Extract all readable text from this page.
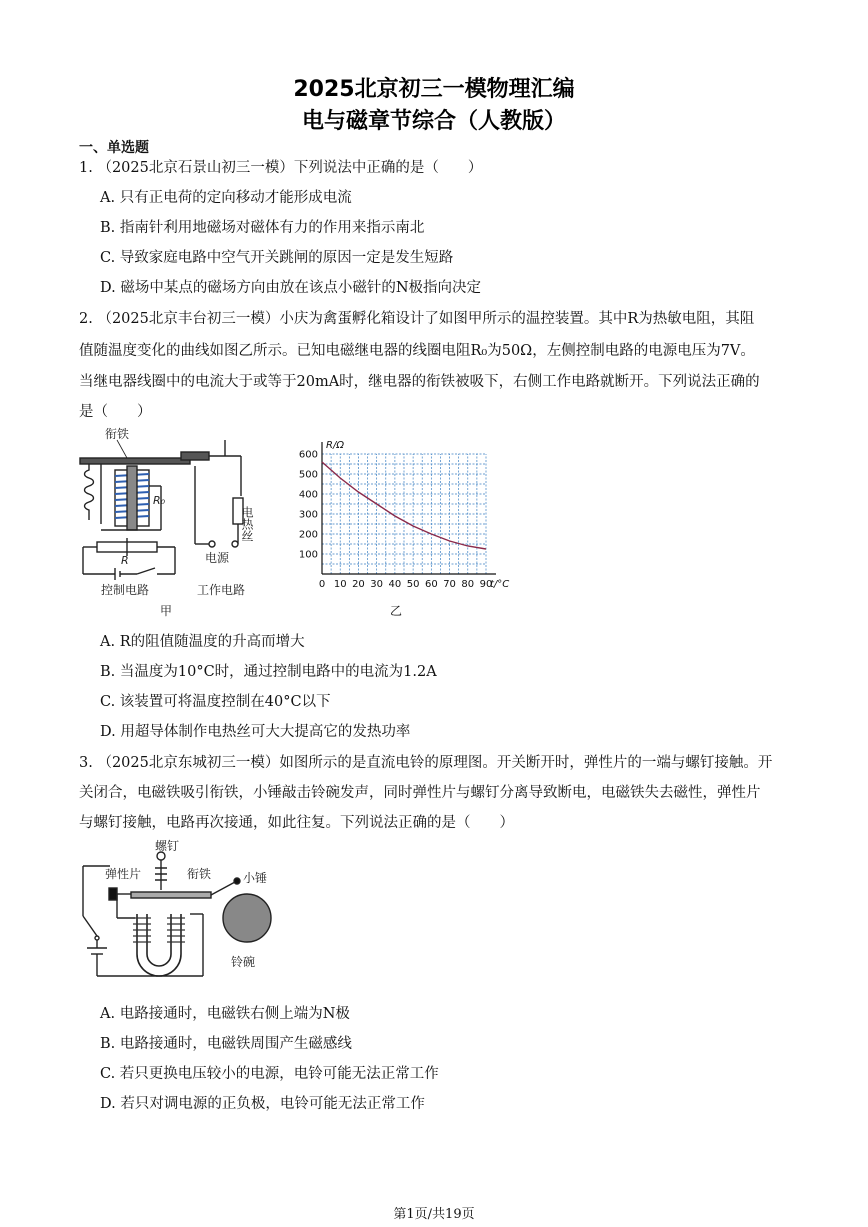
2025北京初三一模物理汇编
电与磁章节综合（人教版）
一、单选题
1. （2025北京石景山初三一模）下列说法中正确的是（　　）
A. 只有正电荷的定向移动才能形成电流
B. 指南针利用地磁场对磁体有力的作用来指示南北
C. 导致家庭电路中空气开关跳闸的原因一定是发生短路
D. 磁场中某点的磁场方向由放在该点小磁针的N极指向决定
2. （2025北京丰台初三一模）小庆为禽蛋孵化箱设计了如图甲所示的温控装置。其中R为热敏电阻，其阻
值随温度变化的曲线如图乙所示。已知电磁继电器的线圈电阻R₀为50Ω，左侧控制电路的电源电压为7V。
当继电器线圈中的电流大于或等于20mA时，继电器的衔铁被吸下，右侧工作电路就断开。下列说法正确的
是（　　）
衔铁
R₀
R
电热丝
电源
控制电路	工作电路
甲
0 10 20 30 40 50 60 70 80 90
100
200
300
400
500
600
t/°C
R/Ω
乙
A. R的阻值随温度的升高而增大
B. 当温度为10°C时，通过控制电路中的电流为1.2A
C. 该装置可将温度控制在40°C以下
D. 用超导体制作电热丝可大大提高它的发热功率
3. （2025北京东城初三一模）如图所示的是直流电铃的原理图。开关断开时，弹性片的一端与螺钉接触。开
关闭合，电磁铁吸引衔铁，小锤敲击铃碗发声，同时弹性片与螺钉分离导致断电，电磁铁失去磁性，弹性片
与螺钉接触，电路再次接通，如此往复。下列说法正确的是（　　）
螺钉
弹性片	衔铁	小锤
铃碗
A. 电路接通时，电磁铁右侧上端为N极
B. 电路接通时，电磁铁周围产生磁感线
C. 若只更换电压较小的电源，电铃可能无法正常工作
D. 若只对调电源的正负极，电铃可能无法正常工作
第1页/共19页
